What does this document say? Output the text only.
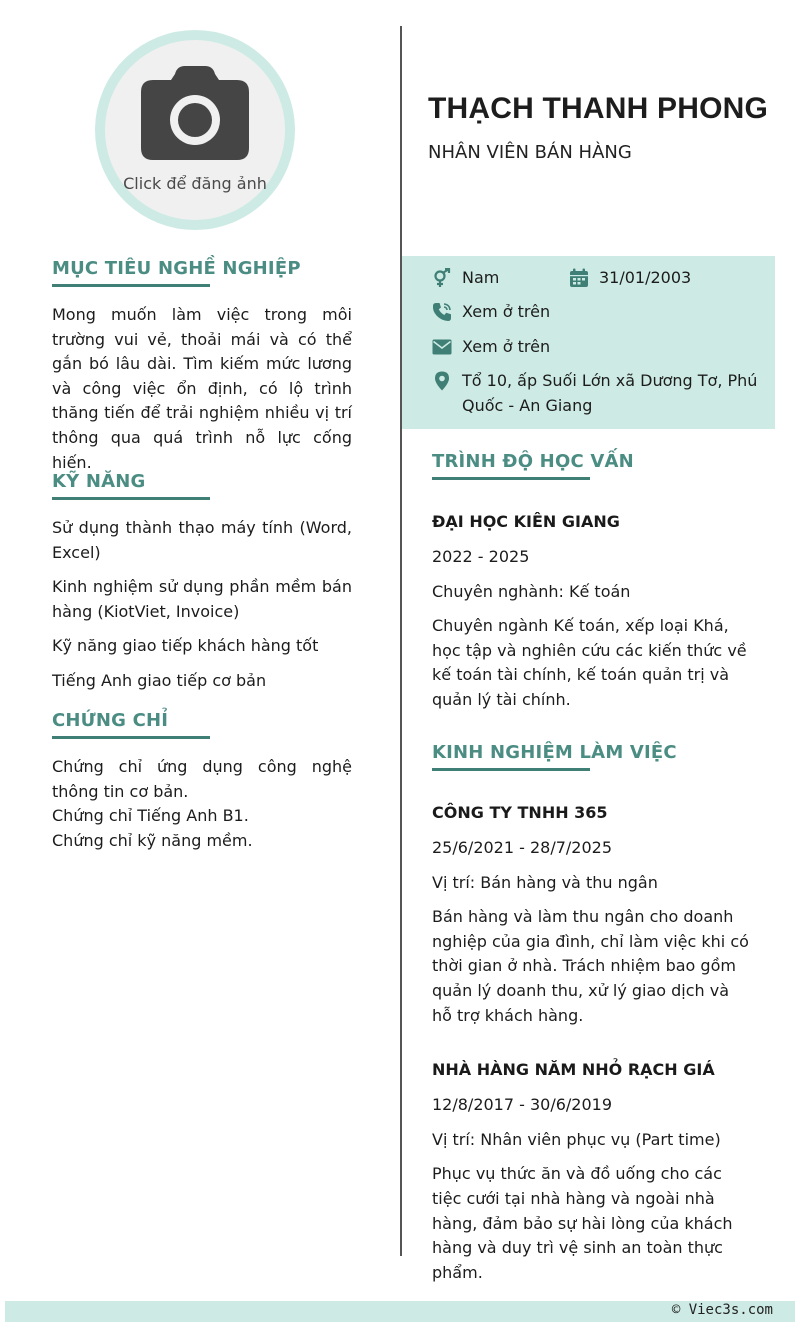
Click để đăng ảnh
THẠCH THANH PHONG
NHÂN VIÊN BÁN HÀNG
MỤC TIÊU NGHỀ NGHIỆP
Mong muốn làm việc trong môi trường vui vẻ, thoải mái và có thể gắn bó lâu dài. Tìm kiếm mức lương và công việc ổn định, có lộ trình thăng tiến để trải nghiệm nhiều vị trí thông qua quá trình nỗ lực cống hiến.
KỸ NĂNG
Sử dụng thành thạo máy tính (Word, Excel)
Kinh nghiệm sử dụng phần mềm bán hàng (KiotViet, Invoice)
Kỹ năng giao tiếp khách hàng tốt
Tiếng Anh giao tiếp cơ bản
CHỨNG CHỈ
Chứng chỉ ứng dụng công nghệ thông tin cơ bản.
Chứng chỉ Tiếng Anh B1.
Chứng chỉ kỹ năng mềm.
Nam	31/01/2003
Xem ở trên
Xem ở trên
Tổ 10, ấp Suối Lớn xã Dương Tơ, Phú Quốc - An Giang
TRÌNH ĐỘ HỌC VẤN
ĐẠI HỌC KIÊN GIANG
2022 - 2025
Chuyên nghành: Kế toán
Chuyên ngành Kế toán, xếp loại Khá, học tập và nghiên cứu các kiến thức về kế toán tài chính, kế toán quản trị và quản lý tài chính.
KINH NGHIỆM LÀM VIỆC
CÔNG TY TNHH 365
25/6/2021 - 28/7/2025
Vị trí: Bán hàng và thu ngân
Bán hàng và làm thu ngân cho doanh nghiệp của gia đình, chỉ làm việc khi có thời gian ở nhà. Trách nhiệm bao gồm quản lý doanh thu, xử lý giao dịch và hỗ trợ khách hàng.
NHÀ HÀNG NĂM NHỎ RẠCH GIÁ
12/8/2017 - 30/6/2019
Vị trí: Nhân viên phục vụ (Part time)
Phục vụ thức ăn và đồ uống cho các tiệc cưới tại nhà hàng và ngoài nhà hàng, đảm bảo sự hài lòng của khách hàng và duy trì vệ sinh an toàn thực phẩm.
© Viec3s.com
